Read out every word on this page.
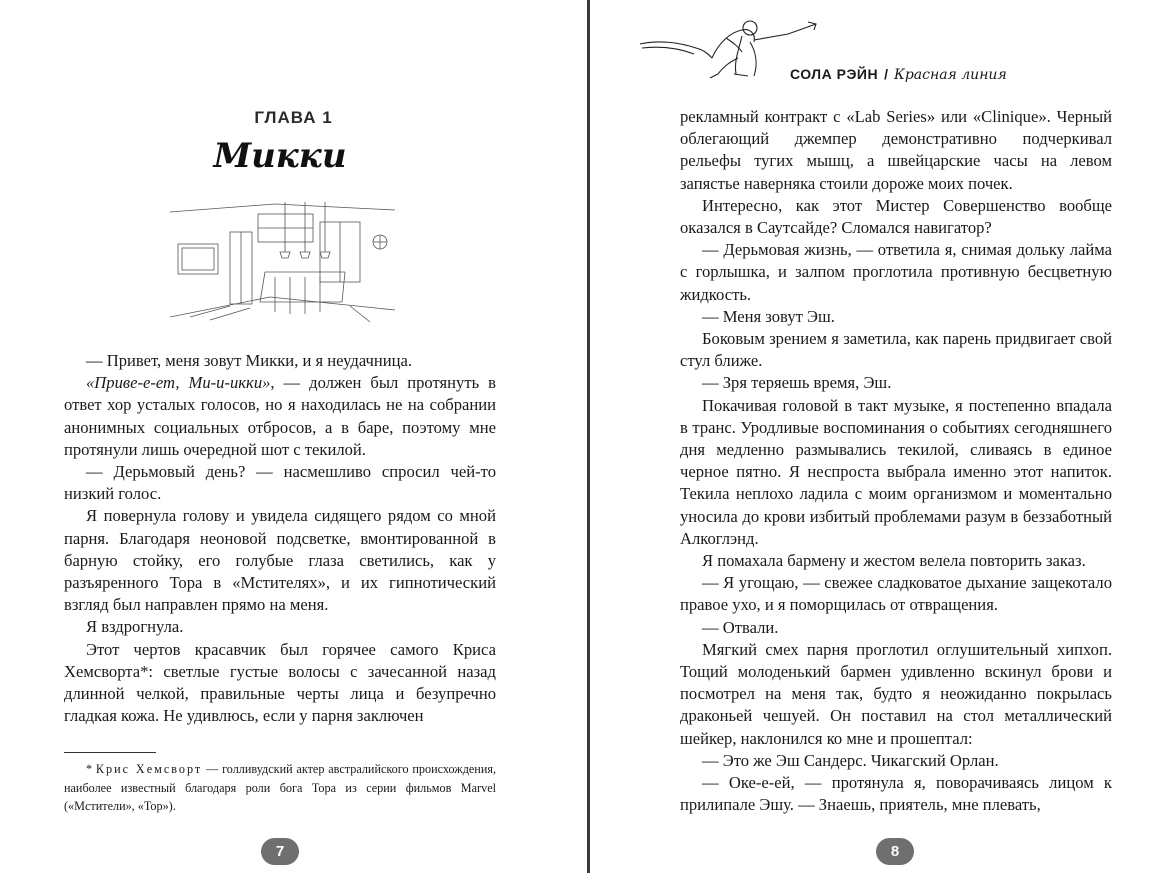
ГЛАВА 1
Микки

— Привет, меня зовут Микки, и я неудачница.

«Приве-е-ет, Ми-и-икки», — должен был протянуть в ответ хор усталых голосов, но я находилась не на собрании анонимных социальных отбросов, а в баре, поэтому мне протянули лишь очередной шот с текилой.

— Дерьмовый день? — насмешливо спросил чей-то низкий голос.

Я повернула голову и увидела сидящего рядом со мной парня. Благодаря неоновой подсветке, вмонтированной в барную стойку, его голубые глаза светились, как у разъяренного Тора в «Мстителях», и их гипнотический взгляд был направлен прямо на меня.

Я вздрогнула.

Этот чертов красавчик был горячее самого Криса Хемсворта*: светлые густые волосы с зачесанной назад длинной челкой, правильные черты лица и безупречно гладкая кожа. Не удивлюсь, если у парня заключен

* Крис Хемсворт — голливудский актер австралийского происхождения, наиболее известный благодаря роли бога Тора из серии фильмов Marvel («Мстители», «Тор»).

7
СОЛА РЭЙН / Красная линия

рекламный контракт с «Lab Series» или «Clinique». Черный облегающий джемпер демонстративно подчеркивал рельефы тугих мышц, а швейцарские часы на левом запястье наверняка стоили дороже моих почек.

Интересно, как этот Мистер Совершенство вообще оказался в Саутсайде? Сломался навигатор?

— Дерьмовая жизнь, — ответила я, снимая дольку лайма с горлышка, и залпом проглотила противную бесцветную жидкость.

— Меня зовут Эш.

Боковым зрением я заметила, как парень придвигает свой стул ближе.

— Зря теряешь время, Эш.

Покачивая головой в такт музыке, я постепенно впадала в транс. Уродливые воспоминания о событиях сегодняшнего дня медленно размывались текилой, сливаясь в единое черное пятно. Я неспроста выбрала именно этот напиток. Текила неплохо ладила с моим организмом и моментально уносила до крови избитый проблемами разум в беззаботный Алкоглэнд.

Я помахала бармену и жестом велела повторить заказ.

— Я угощаю, — свежее сладковатое дыхание защекотало правое ухо, и я поморщилась от отвращения.

— Отвали.

Мягкий смех парня проглотил оглушительный хипхоп. Тощий молоденький бармен удивленно вскинул брови и посмотрел на меня так, будто я неожиданно покрылась драконьей чешуей. Он поставил на стол металлический шейкер, наклонился ко мне и прошептал:

— Это же Эш Сандерс. Чикагский Орлан.

— Оке-е-ей, — протянула я, поворачиваясь лицом к прилипале Эшу. — Знаешь, приятель, мне плевать,

8
